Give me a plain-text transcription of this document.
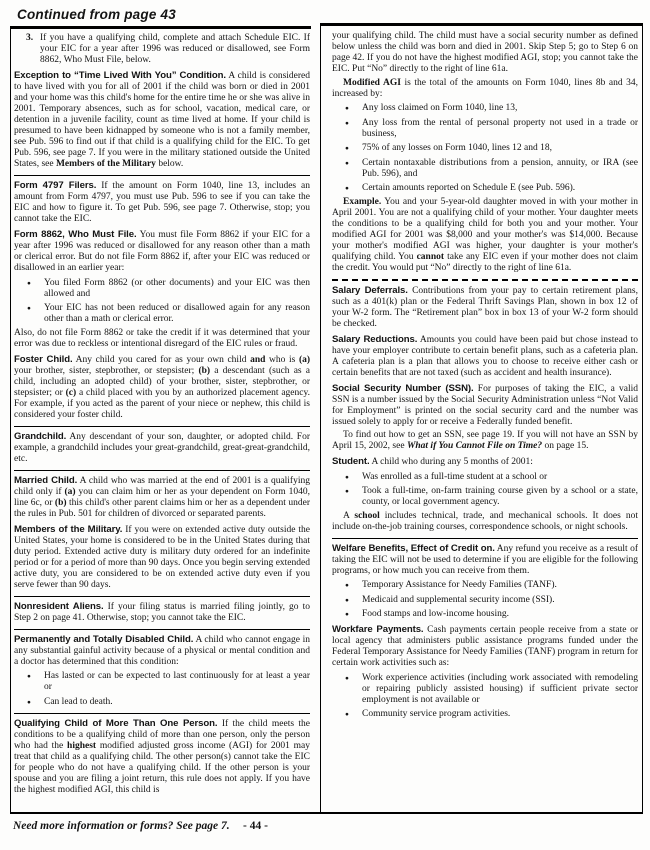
Continued from page 43
3. If you have a qualifying child, complete and attach Schedule EIC. If your EIC for a year after 1996 was reduced or disallowed, see Form 8862, Who Must File, below.

Exception to “Time Lived With You” Condition. A child is considered to have lived with you for all of 2001 if the child was born or died in 2001 and your home was this child's home for the entire time he or she was alive in 2001. Temporary absences, such as for school, vacation, medical care, or detention in a juvenile facility, count as time lived at home. If your child is presumed to have been kidnapped by someone who is not a family member, see Pub. 596 to find out if that child is a qualifying child for the EIC. To get Pub. 596, see page 7. If you were in the military stationed outside the United States, see Members of the Military below.

Form 4797 Filers. If the amount on Form 1040, line 13, includes an amount from Form 4797, you must use Pub. 596 to see if you can take the EIC and how to figure it. To get Pub. 596, see page 7. Otherwise, stop; you cannot take the EIC.

Form 8862, Who Must File. You must file Form 8862 if your EIC for a year after 1996 was reduced or disallowed for any reason other than a math or clerical error. But do not file Form 8862 if, after your EIC was reduced or disallowed in an earlier year:

● You filed Form 8862 (or other documents) and your EIC was then allowed and
● Your EIC has not been reduced or disallowed again for any reason other than a math or clerical error.

Also, do not file Form 8862 or take the credit if it was determined that your error was due to reckless or intentional disregard of the EIC rules or fraud.

Foster Child. Any child you cared for as your own child and who is (a) your brother, sister, stepbrother, or stepsister; (b) a descendant (such as a child, including an adopted child) of your brother, sister, stepbrother, or stepsister; or (c) a child placed with you by an authorized placement agency. For example, if you acted as the parent of your niece or nephew, this child is considered your foster child.

Grandchild. Any descendant of your son, daughter, or adopted child. For example, a grandchild includes your great-grandchild, great-great-grandchild, etc.

Married Child. A child who was married at the end of 2001 is a qualifying child only if (a) you can claim him or her as your dependent on Form 1040, line 6c, or (b) this child's other parent claims him or her as a dependent under the rules in Pub. 501 for children of divorced or separated parents.

Members of the Military. If you were on extended active duty outside the United States, your home is considered to be in the United States during that duty period. Extended active duty is military duty ordered for an indefinite period or for a period of more than 90 days. Once you begin serving extended active duty, you are considered to be on extended active duty even if you serve fewer than 90 days.

Nonresident Aliens. If your filing status is married filing jointly, go to Step 2 on page 41. Otherwise, stop; you cannot take the EIC.

Permanently and Totally Disabled Child. A child who cannot engage in any substantial gainful activity because of a physical or mental condition and a doctor has determined that this condition:

● Has lasted or can be expected to last continuously for at least a year or
● Can lead to death.

Qualifying Child of More Than One Person. If the child meets the conditions to be a qualifying child of more than one person, only the person who had the highest modified adjusted gross income (AGI) for 2001 may treat that child as a qualifying child. The other person(s) cannot take the EIC for people who do not have a qualifying child. If the other person is your spouse and you are filing a joint return, this rule does not apply. If you have the highest modified AGI, this child is

your qualifying child. The child must have a social security number as defined below unless the child was born and died in 2001. Skip Step 5; go to Step 6 on page 42. If you do not have the highest modified AGI, stop; you cannot take the EIC. Put “No” directly to the right of line 61a.

Modified AGI is the total of the amounts on Form 1040, lines 8b and 34, increased by:

● Any loss claimed on Form 1040, line 13,
● Any loss from the rental of personal property not used in a trade or business,
● 75% of any losses on Form 1040, lines 12 and 18,
● Certain nontaxable distributions from a pension, annuity, or IRA (see Pub. 596), and
● Certain amounts reported on Schedule E (see Pub. 596).

Example. You and your 5-year-old daughter moved in with your mother in April 2001. You are not a qualifying child of your mother. Your daughter meets the conditions to be a qualifying child for both you and your mother. Your modified AGI for 2001 was $8,000 and your mother's was $14,000. Because your mother's modified AGI was higher, your daughter is your mother's qualifying child. You cannot take any EIC even if your mother does not claim the credit. You would put “No” directly to the right of line 61a.

Salary Deferrals. Contributions from your pay to certain retirement plans, such as a 401(k) plan or the Federal Thrift Savings Plan, shown in box 12 of your W-2 form. The “Retirement plan” box in box 13 of your W-2 form should be checked.

Salary Reductions. Amounts you could have been paid but chose instead to have your employer contribute to certain benefit plans, such as a cafeteria plan. A cafeteria plan is a plan that allows you to choose to receive either cash or certain benefits that are not taxed (such as accident and health insurance).

Social Security Number (SSN). For purposes of taking the EIC, a valid SSN is a number issued by the Social Security Administration unless “Not Valid for Employment” is printed on the social security card and the number was issued solely to apply for or receive a Federally funded benefit.

To find out how to get an SSN, see page 19. If you will not have an SSN by April 15, 2002, see What if You Cannot File on Time? on page 15.

Student. A child who during any 5 months of 2001:

● Was enrolled as a full-time student at a school or
● Took a full-time, on-farm training course given by a school or a state, county, or local government agency.

A school includes technical, trade, and mechanical schools. It does not include on-the-job training courses, correspondence schools, or night schools.

Welfare Benefits, Effect of Credit on. Any refund you receive as a result of taking the EIC will not be used to determine if you are eligible for the following programs, or how much you can receive from them.

● Temporary Assistance for Needy Families (TANF).
● Medicaid and supplemental security income (SSI).
● Food stamps and low-income housing.

Workfare Payments. Cash payments certain people receive from a state or local agency that administers public assistance programs funded under the Federal Temporary Assistance for Needy Families (TANF) program in return for certain work activities such as:

● Work experience activities (including work associated with remodeling or repairing publicly assisted housing) if sufficient private sector employment is not available or
● Community service program activities.
Need more information or forms? See page 7. - 44 -
